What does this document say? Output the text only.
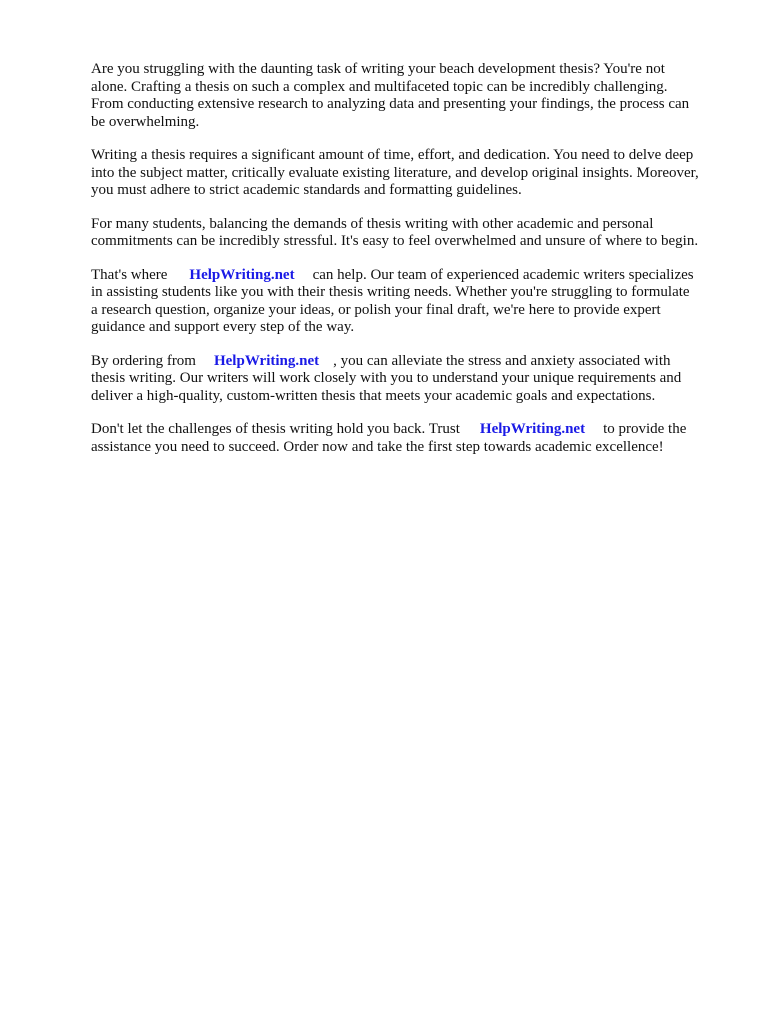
Are you struggling with the daunting task of writing your beach development thesis? You're not
alone. Crafting a thesis on such a complex and multifaceted topic can be incredibly challenging.
From conducting extensive research to analyzing data and presenting your findings, the process can
be overwhelming.
Writing a thesis requires a significant amount of time, effort, and dedication. You need to delve deep
into the subject matter, critically evaluate existing literature, and develop original insights. Moreover,
you must adhere to strict academic standards and formatting guidelines.
For many students, balancing the demands of thesis writing with other academic and personal
commitments can be incredibly stressful. It's easy to feel overwhelmed and unsure of where to begin.
That's where HelpWriting.net can help. Our team of experienced academic writers specializes
in assisting students like you with their thesis writing needs. Whether you're struggling to formulate
a research question, organize your ideas, or polish your final draft, we're here to provide expert
guidance and support every step of the way.
By ordering from HelpWriting.net , you can alleviate the stress and anxiety associated with
thesis writing. Our writers will work closely with you to understand your unique requirements and
deliver a high-quality, custom-written thesis that meets your academic goals and expectations.
Don't let the challenges of thesis writing hold you back. Trust HelpWriting.net to provide the
assistance you need to succeed. Order now and take the first step towards academic excellence!
